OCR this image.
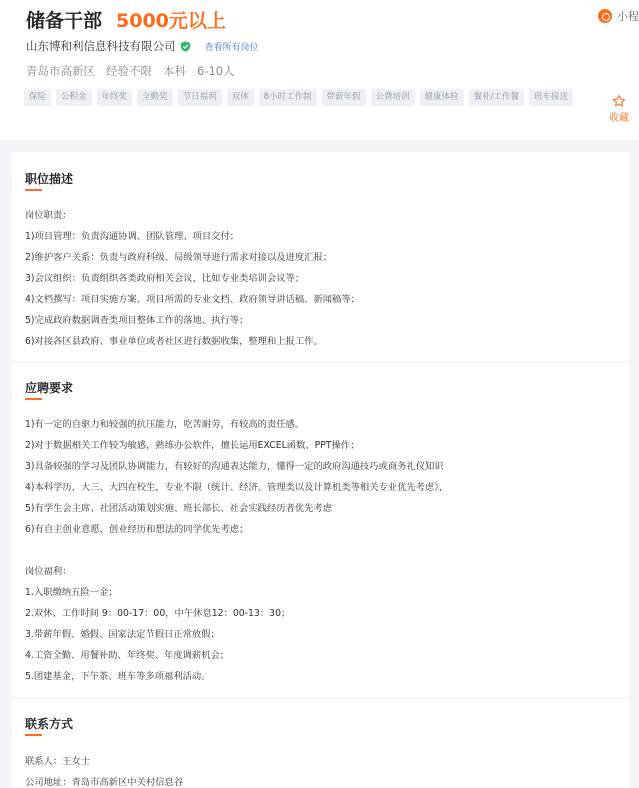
储备干部 5000元以上
山东博和利信息科技有限公司	查看所有岗位
青岛市高新区 经验不限 本科 6-10人
保险	公积金	年终奖	全勤奖	节日福利	双休	8小时工作制	带薪年假	公费培训	健康体检	餐补/工作餐	班车接送
小程
收藏
职位描述
岗位职责：
1)项目管理：负责沟通协调、团队管理、项目交付；
2)维护客户关系：负责与政府科级、局级领导进行需求对接以及进度汇报；
3)会议组织：负责组织各类政府相关会议，比如专业类培训会议等；
4)文档撰写：项目实施方案、项目所需的专业文档、政府领导讲话稿、新闻稿等；
5)完成政府数据调查类项目整体工作的落地、执行等；
6)对接各区县政府、事业单位或者社区进行数据收集，整理和上报工作。
应聘要求
1)有一定的自驱力和较强的抗压能力，吃苦耐劳，有较高的责任感。
2)对于数据相关工作较为敏感，熟练办公软件，擅长运用EXCEL函数、PPT操作；
3)具备较强的学习及团队协调能力，有较好的沟通表达能力，懂得一定的政府沟通技巧或商务礼仪知识
4)本科学历，大三、大四在校生，专业不限（统计、经济、管理类以及计算机类等相关专业优先考虑），
5)有学生会主席、社团活动策划实施、班长部长、社会实践经历者优先考虑
6)有自主创业意愿、创业经历和想法的同学优先考虑；
岗位福利：
1.入职缴纳五险一金；
2.双休、工作时间 9：00-17：00，中午休息12：00-13：30；
3.带薪年假、婚假、国家法定节假日正常放假；
4.工资全勤、用餐补助、年终奖、年度调薪机会；
5.团建基金，下午茶、班车等多项福利活动。
联系方式
联系人：王女士
公司地址：青岛市高新区中关村信息谷
